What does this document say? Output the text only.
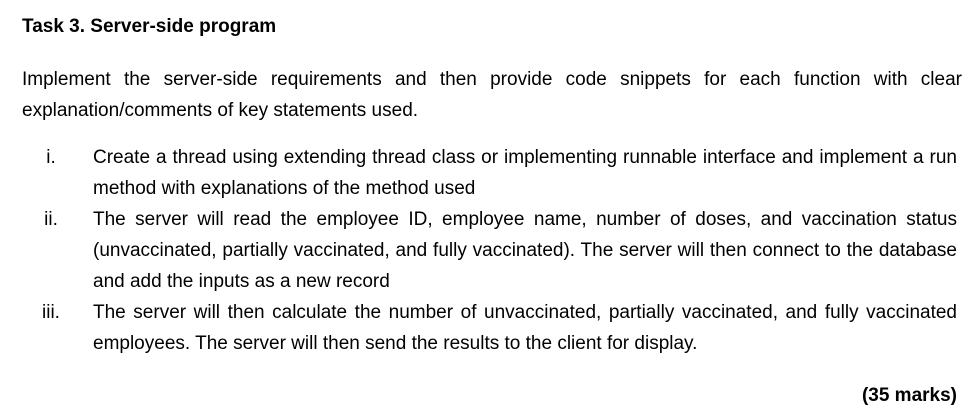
Task 3. Server-side program
Implement the server-side requirements and then provide code snippets for each function with clear explanation/comments of key statements used.
i.	Create a thread using extending thread class or implementing runnable interface and implement a run method with explanations of the method used
ii.	The server will read the employee ID, employee name, number of doses, and vaccination status (unvaccinated, partially vaccinated, and fully vaccinated). The server will then connect to the database and add the inputs as a new record
iii.	The server will then calculate the number of unvaccinated, partially vaccinated, and fully vaccinated employees. The server will then send the results to the client for display.
(35 marks)
